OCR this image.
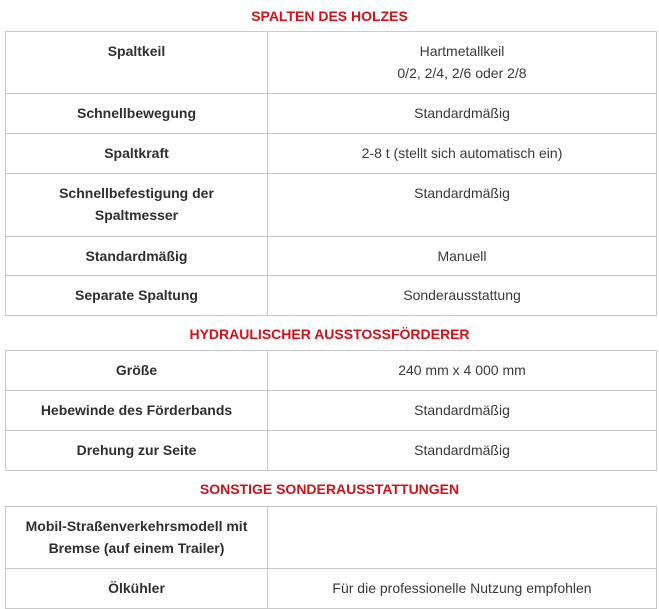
SPALTEN DES HOLZES
Spaltkeil	Hartmetallkeil
0/2, 2/4, 2/6 oder 2/8

Schnellbewegung	Standardmäßig

Spaltkraft	2-8 t (stellt sich automatisch ein)

Schnellbefestigung der
Spaltmesser	Standardmäßig

Standardmäßig	Manuell

Separate Spaltung	Sonderausstattung
HYDRAULISCHER AUSSTOSSFÖRDERER
Größe	240 mm x 4 000 mm

Hebewinde des Förderbands	Standardmäßig

Drehung zur Seite	Standardmäßig
SONSTIGE SONDERAUSSTATTUNGEN
Mobil-Straßenverkehrsmodell mit
Bremse (auf einem Trailer)	

Ölkühler	Für die professionelle Nutzung empfohlen
